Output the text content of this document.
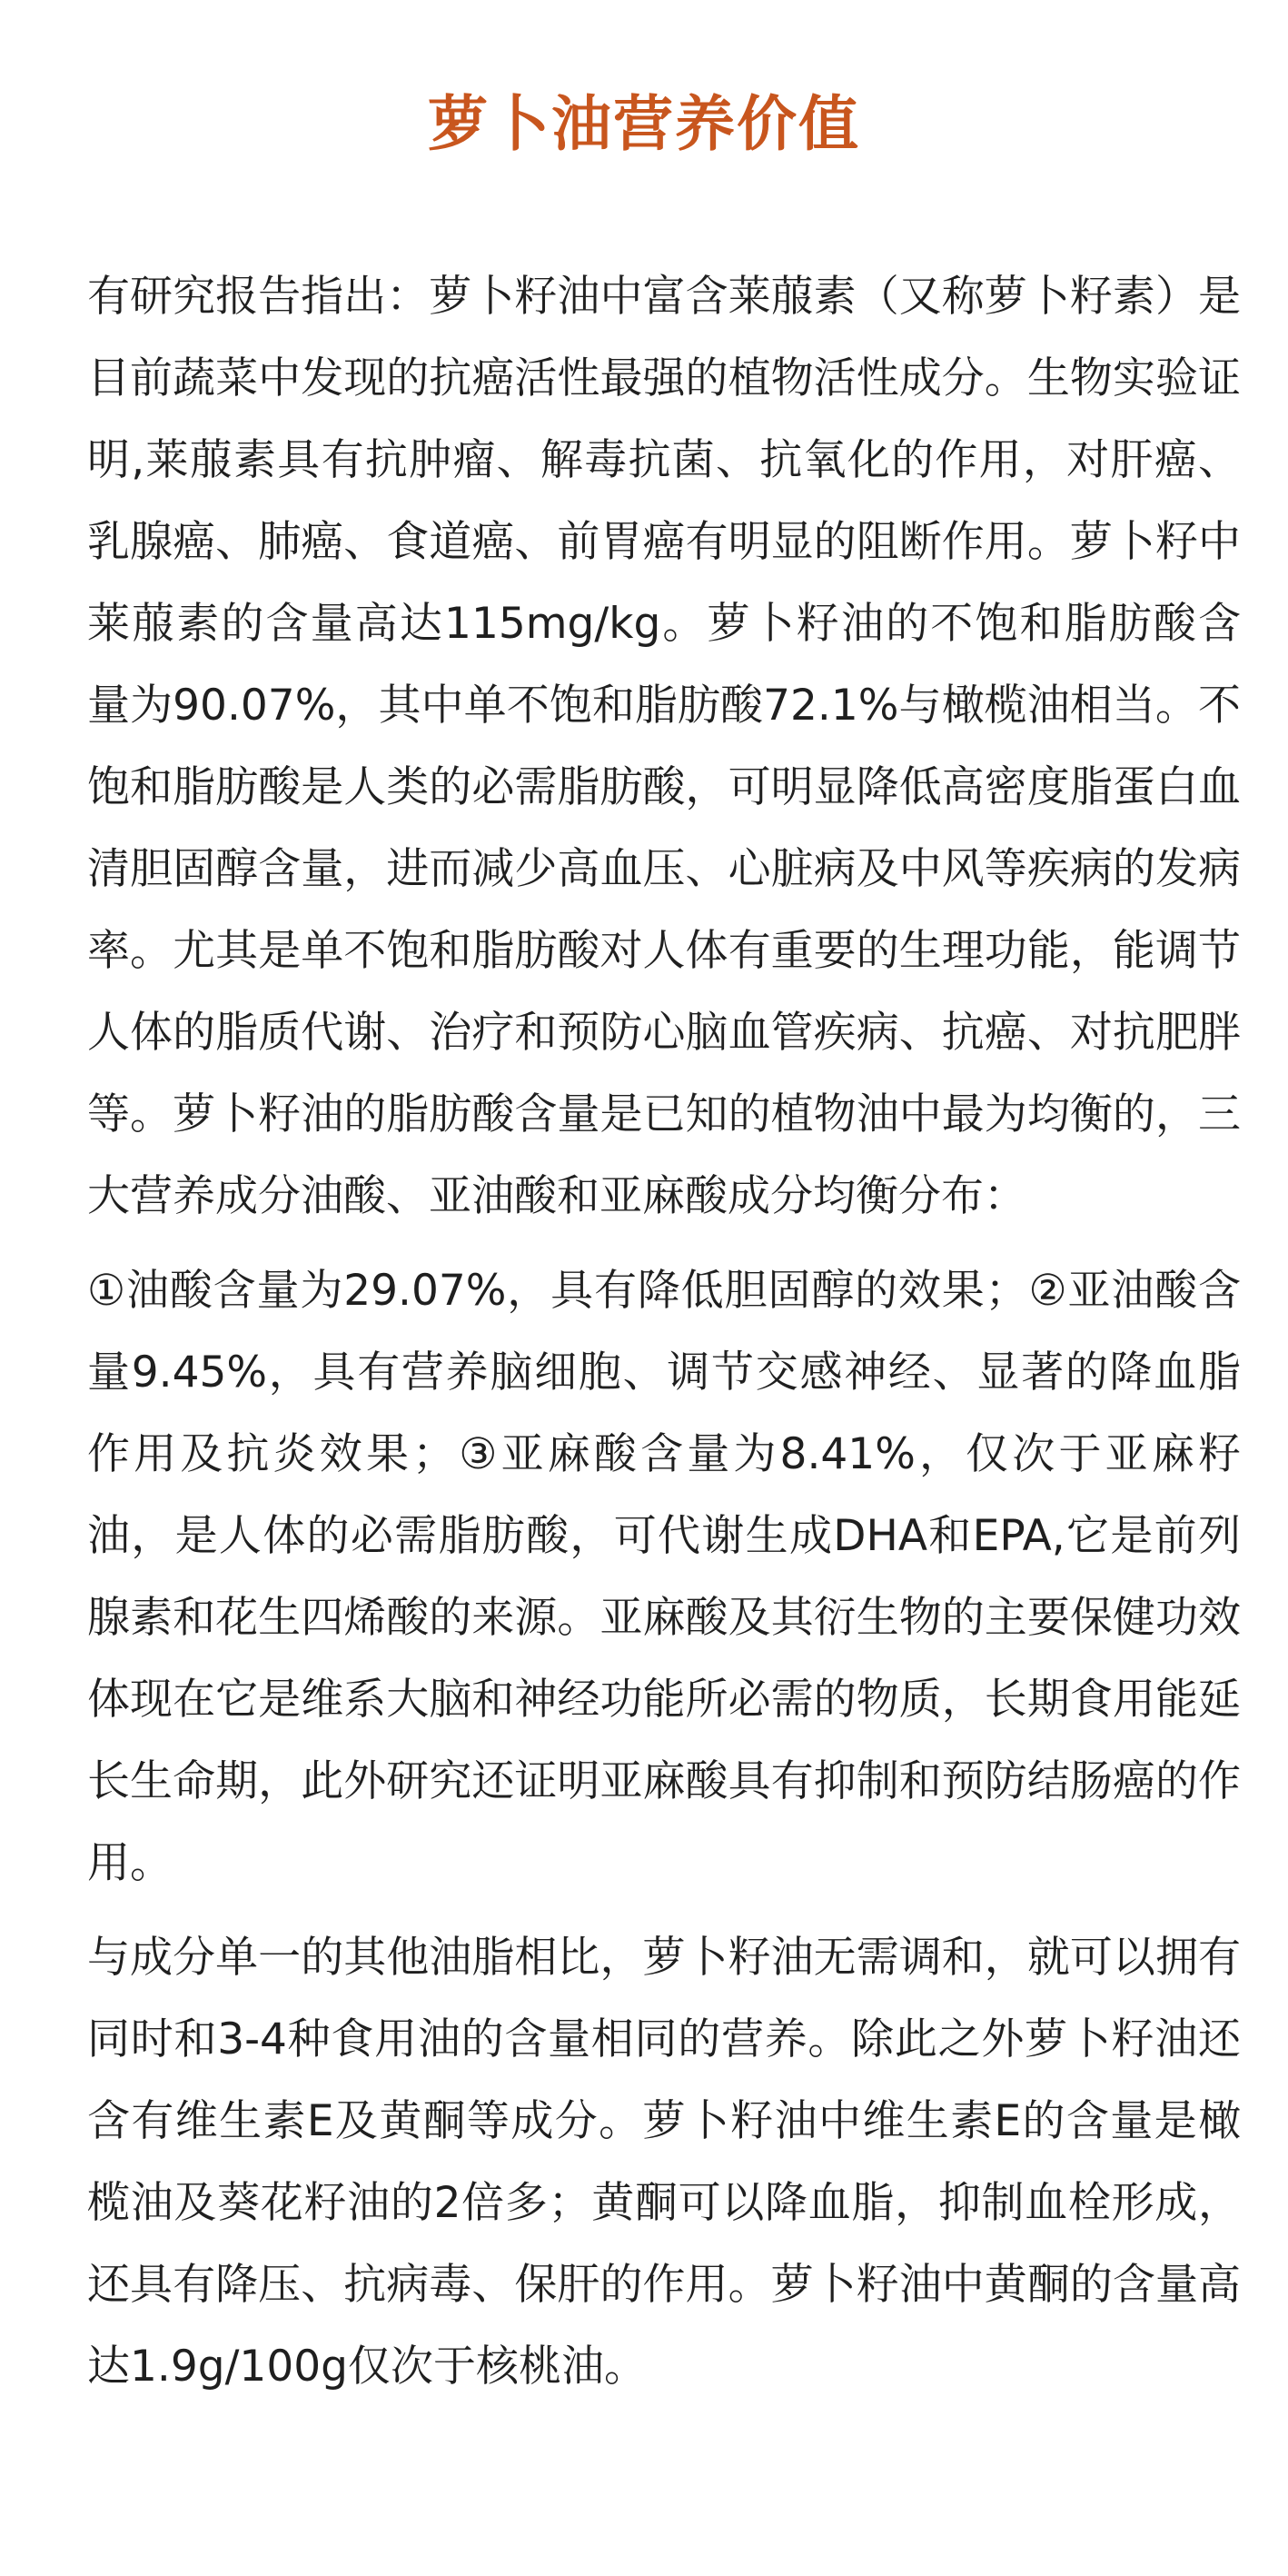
萝卜油营养价值

有研究报告指出：萝卜籽油中富含莱菔素（又称萝卜籽素）是目前蔬菜中发现的抗癌活性最强的植物活性成分。生物实验证明,莱菔素具有抗肿瘤、解毒抗菌、抗氧化的作用，对肝癌、乳腺癌、肺癌、食道癌、前胃癌有明显的阻断作用。萝卜籽中莱菔素的含量高达115mg/kg。萝卜籽油的不饱和脂肪酸含量为90.07%，其中单不饱和脂肪酸72.1%与橄榄油相当。不饱和脂肪酸是人类的必需脂肪酸，可明显降低高密度脂蛋白血清胆固醇含量，进而减少高血压、心脏病及中风等疾病的发病率。尤其是单不饱和脂肪酸对人体有重要的生理功能，能调节人体的脂质代谢、治疗和预防心脑血管疾病、抗癌、对抗肥胖等。萝卜籽油的脂肪酸含量是已知的植物油中最为均衡的，三大营养成分油酸、亚油酸和亚麻酸成分均衡分布：

①油酸含量为29.07%，具有降低胆固醇的效果；②亚油酸含量9.45%，具有营养脑细胞、调节交感神经、显著的降血脂作用及抗炎效果；③亚麻酸含量为8.41%，仅次于亚麻籽油，是人体的必需脂肪酸，可代谢生成DHA和EPA,它是前列腺素和花生四烯酸的来源。亚麻酸及其衍生物的主要保健功效体现在它是维系大脑和神经功能所必需的物质，长期食用能延长生命期，此外研究还证明亚麻酸具有抑制和预防结肠癌的作用。

与成分单一的其他油脂相比，萝卜籽油无需调和，就可以拥有同时和3-4种食用油的含量相同的营养。除此之外萝卜籽油还含有维生素E及黄酮等成分。萝卜籽油中维生素E的含量是橄榄油及葵花籽油的2倍多；黄酮可以降血脂，抑制血栓形成，还具有降压、抗病毒、保肝的作用。萝卜籽油中黄酮的含量高达1.9g/100g仅次于核桃油。
